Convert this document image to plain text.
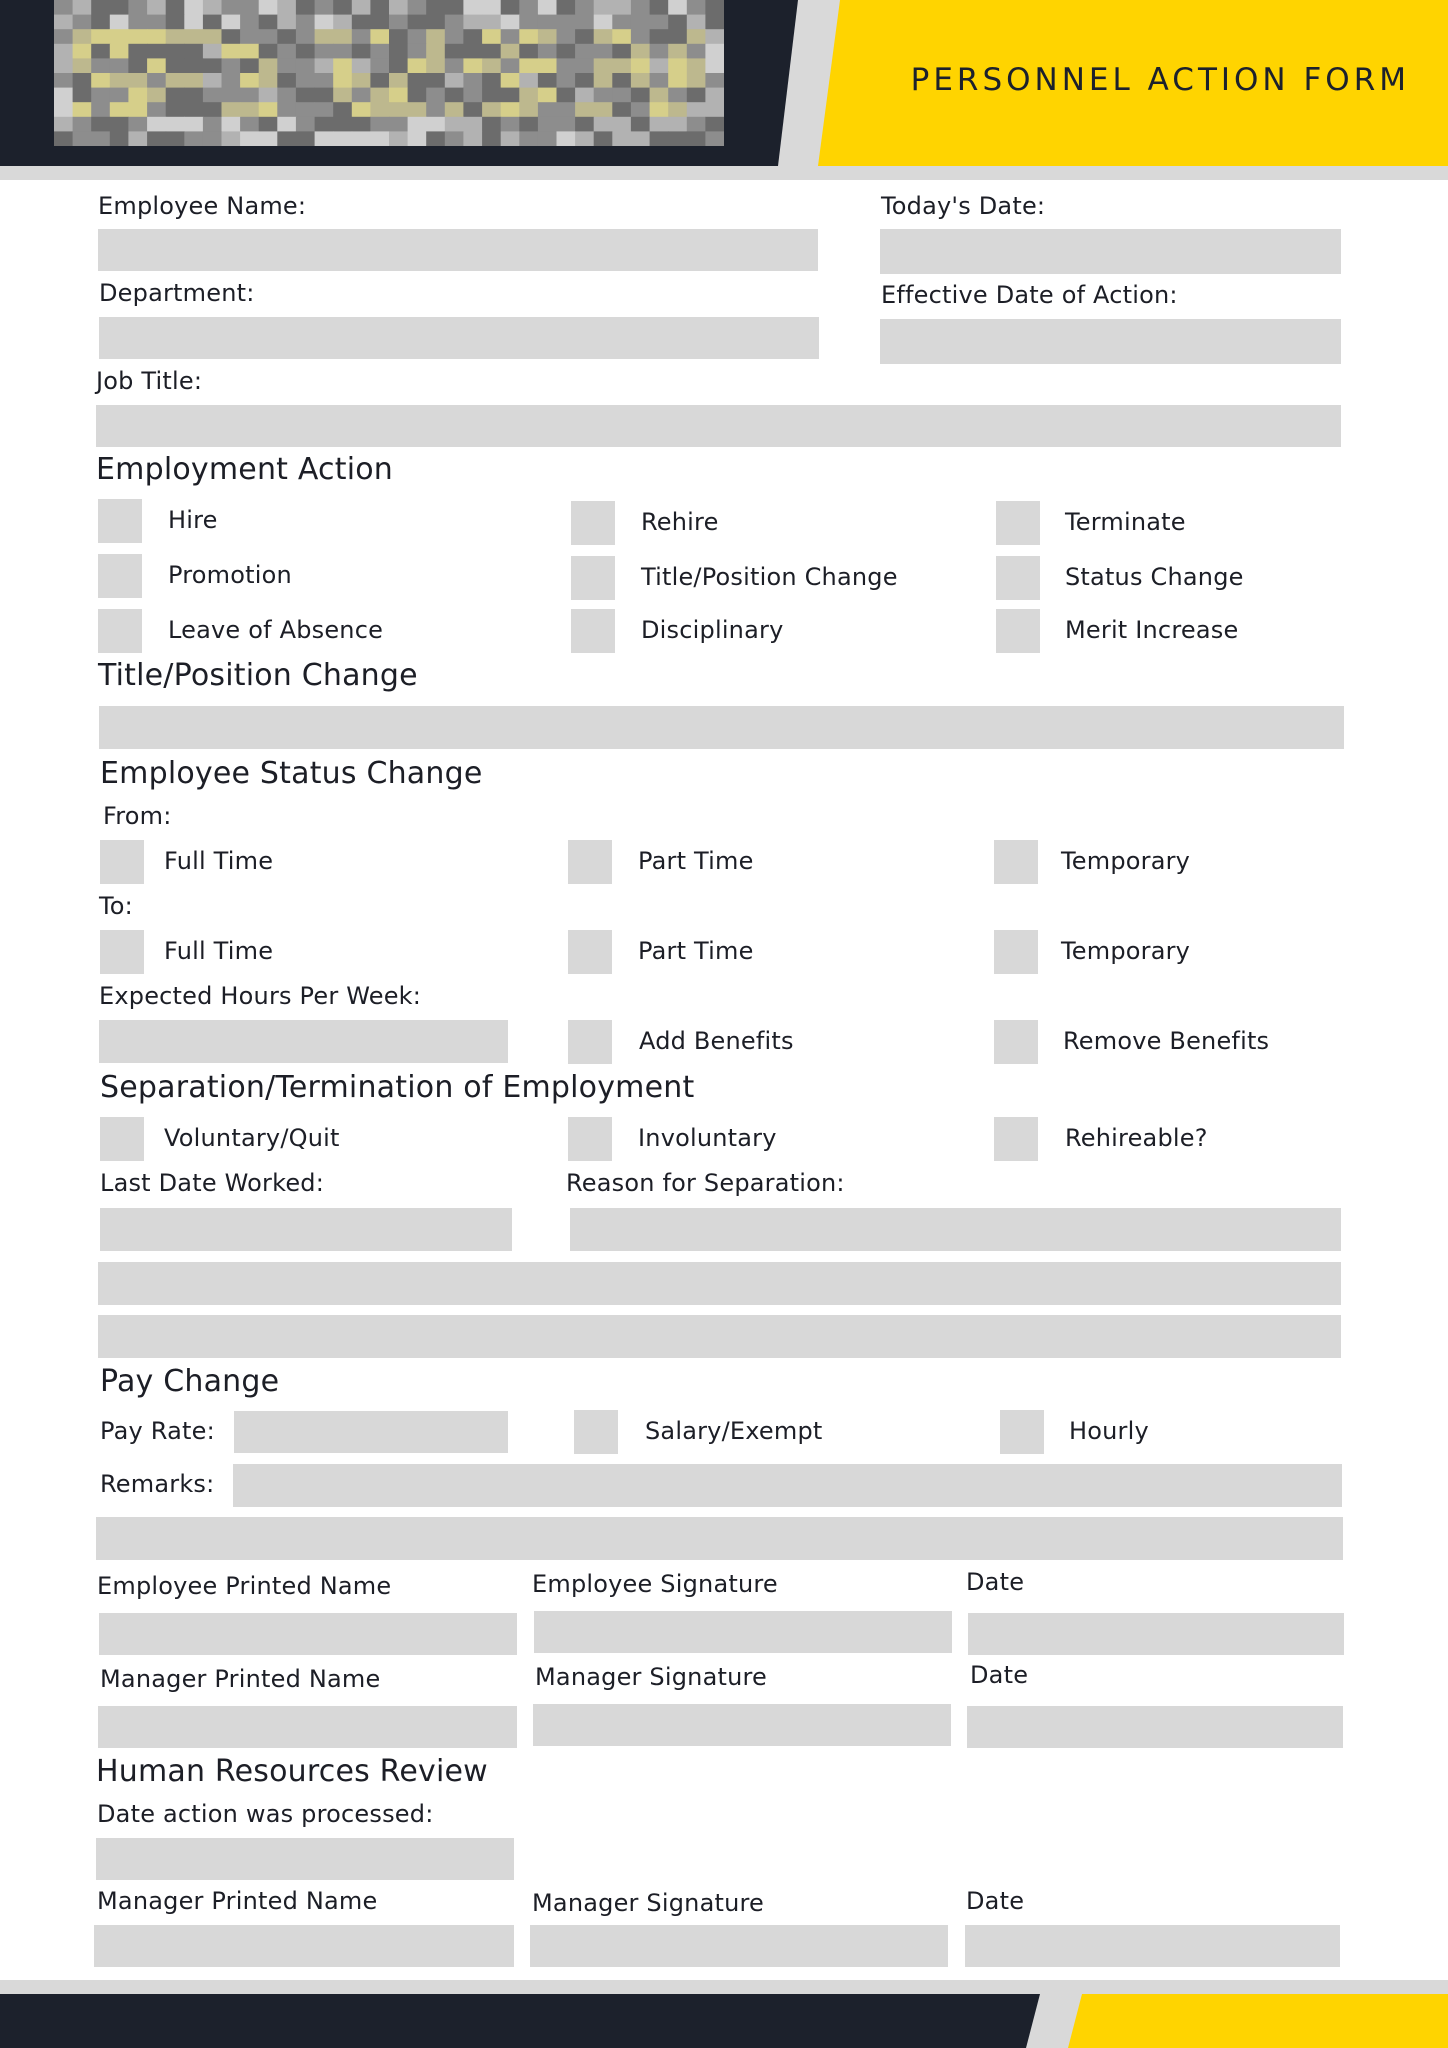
PERSONNEL ACTION FORM
Employee Name:	Today's Date:
Department:	Effective Date of Action:
Job Title:
Employment Action
Hire	Rehire	Terminate
Promotion	Title/Position Change	Status Change
Leave of Absence	Disciplinary	Merit Increase
Title/Position Change
Employee Status Change
From:
Full Time	Part Time	Temporary
To:
Full Time	Part Time	Temporary
Expected Hours Per Week:
Add Benefits	Remove Benefits
Separation/Termination of Employment
Voluntary/Quit	Involuntary	Rehireable?
Last Date Worked:	Reason for Separation:
Pay Change
Pay Rate:	Salary/Exempt	Hourly
Remarks:
Employee Printed Name	Employee Signature	Date
Manager Printed Name	Manager Signature	Date
Human Resources Review
Date action was processed:
Manager Printed Name	Manager Signature	Date
